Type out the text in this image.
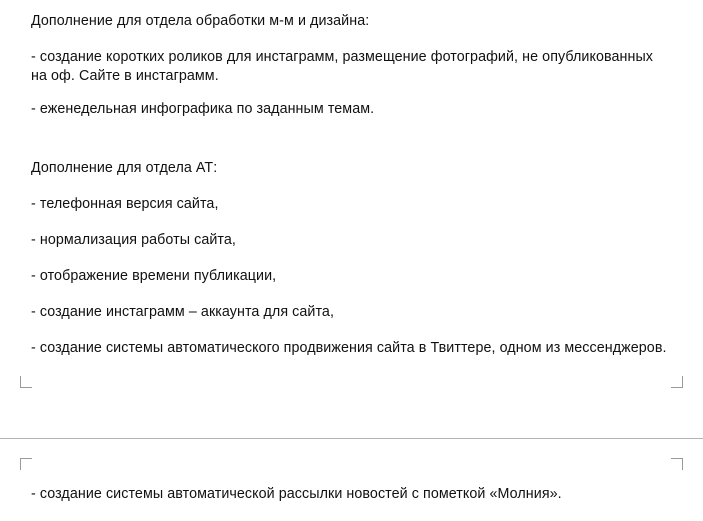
Дополнение для отдела обработки м-м и дизайна:

- создание коротких роликов для инстаграмм, размещение фотографий, не опубликованных на оф. Сайте в инстаграмм.

- еженедельная инфографика по заданным темам.

Дополнение для отдела АТ:

- телефонная версия сайта,

- нормализация работы сайта,

- отображение времени публикации,

- создание инстаграмм – аккаунта для сайта,

- создание системы автоматического продвижения сайта в Твиттере, одном из мессенджеров.

- создание системы автоматической рассылки новостей с пометкой «Молния».
